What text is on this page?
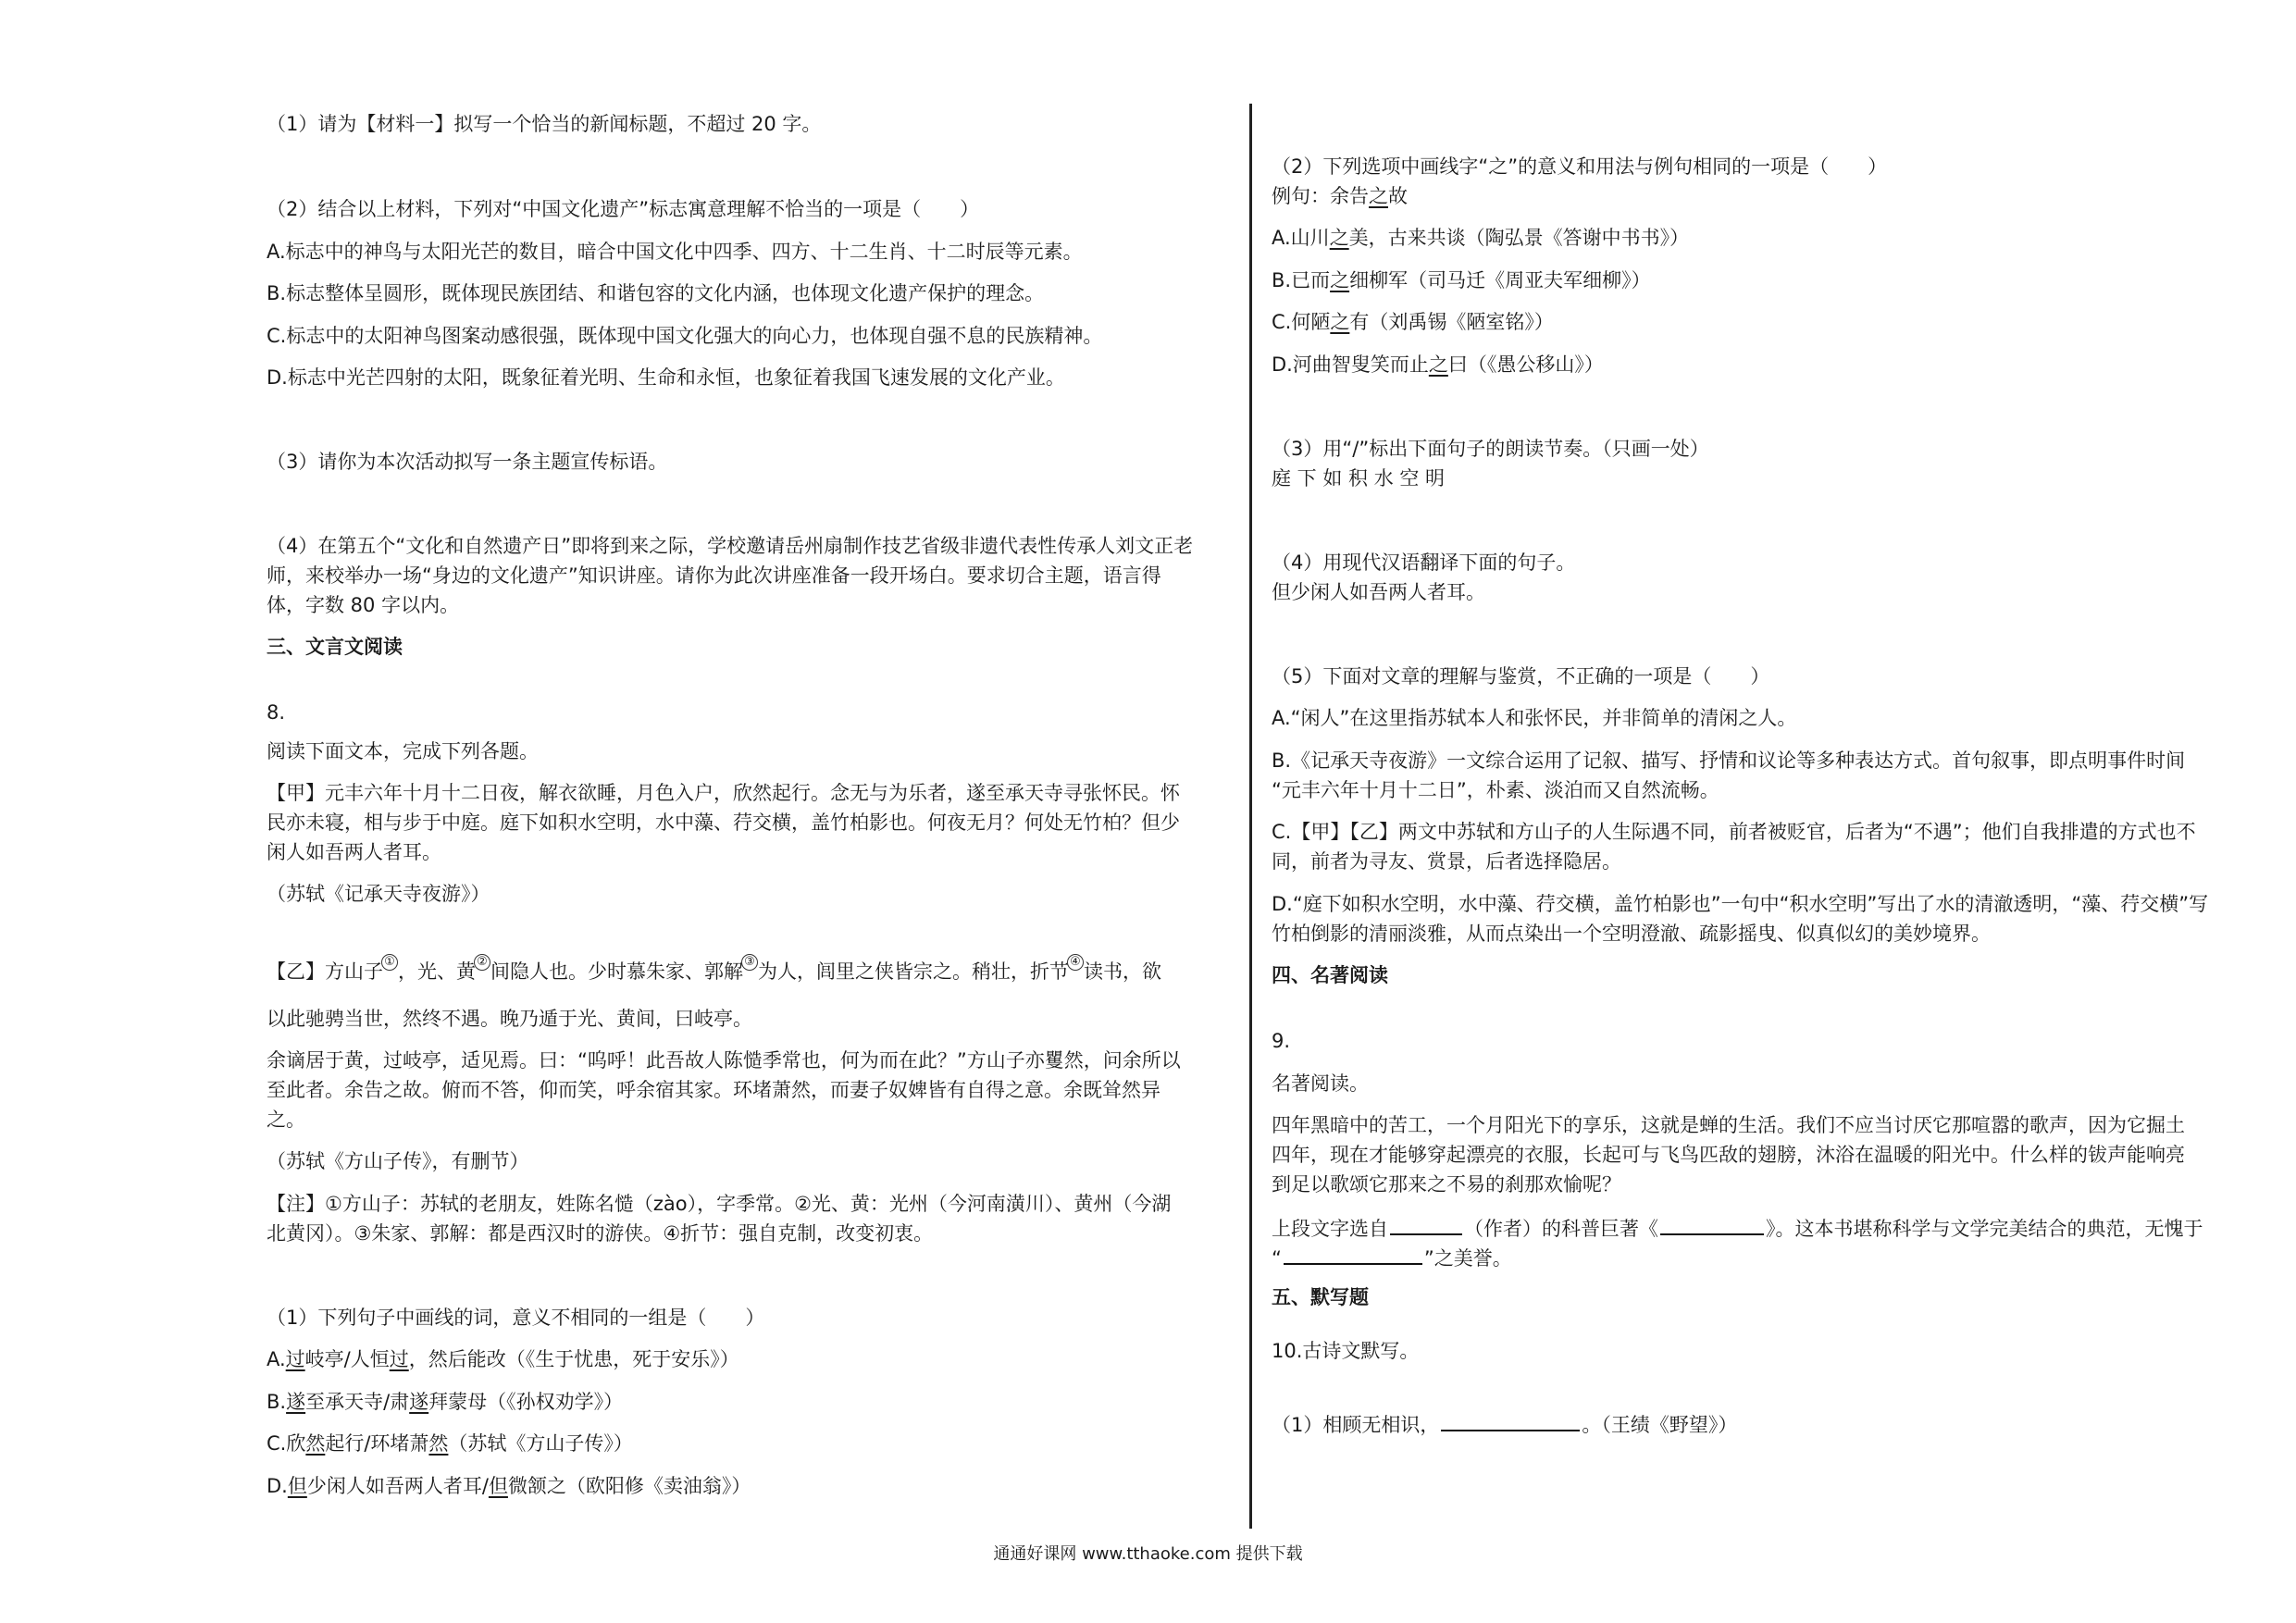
（1）请为【材料一】拟写一个恰当的新闻标题，不超过 20 字。
（2）结合以上材料，下列对“中国文化遗产”标志寓意理解不恰当的一项是（　　）
A.标志中的神鸟与太阳光芒的数目，暗合中国文化中四季、四方、十二生肖、十二时辰等元素。
B.标志整体呈圆形，既体现民族团结、和谐包容的文化内涵，也体现文化遗产保护的理念。
C.标志中的太阳神鸟图案动感很强，既体现中国文化强大的向心力，也体现自强不息的民族精神。
D.标志中光芒四射的太阳，既象征着光明、生命和永恒，也象征着我国飞速发展的文化产业。
（3）请你为本次活动拟写一条主题宣传标语。
（4）在第五个“文化和自然遗产日”即将到来之际，学校邀请岳州扇制作技艺省级非遗代表性传承人刘文正老
师，来校举办一场“身边的文化遗产”知识讲座。请你为此次讲座准备一段开场白。要求切合主题，语言得
体，字数 80 字以内。
三、文言文阅读
8.
阅读下面文本，完成下列各题。
【甲】元丰六年十月十二日夜，解衣欲睡，月色入户，欣然起行。念无与为乐者，遂至承天寺寻张怀民。怀
民亦未寝，相与步于中庭。庭下如积水空明，水中藻、荇交横，盖竹柏影也。何夜无月？何处无竹柏？但少
闲人如吾两人者耳。
（苏轼《记承天寺夜游》）
【乙】方山子① ，光、黄② 间隐人也。少时慕朱家、郭解③ 为人，闾里之侠皆宗之。稍壮，折节④ 读书，欲
以此驰骋当世，然终不遇。晚乃遁于光、黄间，曰岐亭。
余谪居于黄，过岐亭，适见焉。曰：“呜呼！此吾故人陈慥季常也，何为而在此？”方山子亦矍然，问余所以
至此者。余告之故。俯而不答，仰而笑，呼余宿其家。环堵萧然，而妻子奴婢皆有自得之意。余既耸然异
之。
（苏轼《方山子传》，有删节）
【注】①方山子：苏轼的老朋友，姓陈名慥（zào），字季常。②光、黄：光州（今河南潢川）、黄州（今湖
北黄冈）。③朱家、郭解：都是西汉时的游侠。④折节：强自克制，改变初衷。
（1）下列句子中画线的词，意义不相同的一组是（　　）
A.过岐亭/人恒过，然后能改（《生于忧患，死于安乐》）
B.遂至承天寺/肃遂拜蒙母（《孙权劝学》）
C.欣然起行/环堵萧然（苏轼《方山子传》）
D.但少闲人如吾两人者耳/但微颔之（欧阳修《卖油翁》）
（2）下列选项中画线字“之”的意义和用法与例句相同的一项是（　　）
例句：余告之故
A.山川之美，古来共谈（陶弘景《答谢中书书》）
B.已而之细柳军（司马迁《周亚夫军细柳》）
C.何陋之有（刘禹锡《陋室铭》）
D.河曲智叟笑而止之曰（《愚公移山》）
（3）用“/”标出下面句子的朗读节奏。（只画一处）
庭 下 如 积 水 空 明
（4）用现代汉语翻译下面的句子。
但少闲人如吾两人者耳。
（5）下面对文章的理解与鉴赏，不正确的一项是（　　）
A.“闲人”在这里指苏轼本人和张怀民，并非简单的清闲之人。
B.《记承天寺夜游》一文综合运用了记叙、描写、抒情和议论等多种表达方式。首句叙事，即点明事件时间
“元丰六年十月十二日”，朴素、淡泊而又自然流畅。
C.【甲】【乙】两文中苏轼和方山子的人生际遇不同，前者被贬官，后者为“不遇”；他们自我排遣的方式也不
同，前者为寻友、赏景，后者选择隐居。
D.“庭下如积水空明，水中藻、荇交横，盖竹柏影也”一句中“积水空明”写出了水的清澈透明，“藻、荇交横”写
竹柏倒影的清丽淡雅，从而点染出一个空明澄澈、疏影摇曳、似真似幻的美妙境界。
四、名著阅读
9.
名著阅读。
四年黑暗中的苦工，一个月阳光下的享乐，这就是蝉的生活。我们不应当讨厌它那喧嚣的歌声，因为它掘土
四年，现在才能够穿起漂亮的衣服，长起可与飞鸟匹敌的翅膀，沐浴在温暖的阳光中。什么样的钹声能响亮
到足以歌颂它那来之不易的刹那欢愉呢？
上段文字选自	（作者）的科普巨著《	》。这本书堪称科学与文学完美结合的典范，无愧于
“	”之美誉。
五、默写题
10.古诗文默写。
（1）相顾无相识，	。（王绩《野望》）
通通好课网 www.tthaoke.com 提供下载
